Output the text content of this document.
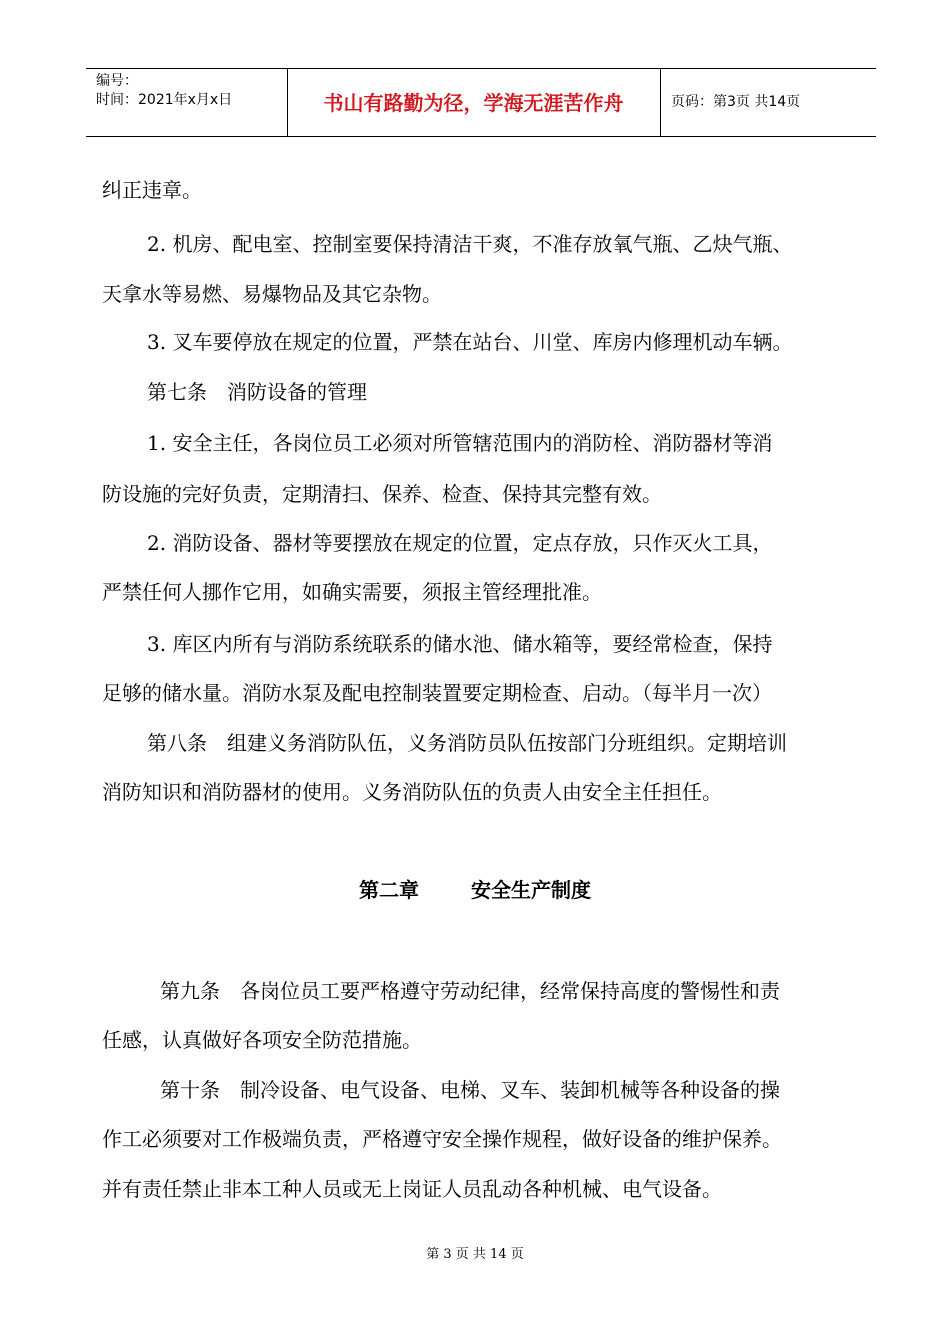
编号：
时间：2021年x月x日	书山有路勤为径，学海无涯苦作舟	页码：第3页 共14页
纠正违章。
2. 机房、配电室、控制室要保持清洁干爽，不准存放氧气瓶、乙炔气瓶、
天拿水等易燃、易爆物品及其它杂物。
3. 叉车要停放在规定的位置，严禁在站台、川堂、库房内修理机动车辆。
第七条　消防设备的管理
1. 安全主任，各岗位员工必须对所管辖范围内的消防栓、消防器材等消
防设施的完好负责，定期清扫、保养、检查、保持其完整有效。
2. 消防设备、器材等要摆放在规定的位置，定点存放，只作灭火工具，
严禁任何人挪作它用，如确实需要，须报主管经理批准。
3. 库区内所有与消防系统联系的储水池、储水箱等，要经常检查，保持
足够的储水量。消防水泵及配电控制装置要定期检查、启动。（每半月一次）
第八条　组建义务消防队伍，义务消防员队伍按部门分班组织。定期培训
消防知识和消防器材的使用。义务消防队伍的负责人由安全主任担任。
第二章	安全生产制度
第九条　各岗位员工要严格遵守劳动纪律，经常保持高度的警惕性和责
任感，认真做好各项安全防范措施。
第十条　制冷设备、电气设备、电梯、叉车、装卸机械等各种设备的操
作工必须要对工作极端负责，严格遵守安全操作规程，做好设备的维护保养。
并有责任禁止非本工种人员或无上岗证人员乱动各种机械、电气设备。
第 3 页 共 14 页
